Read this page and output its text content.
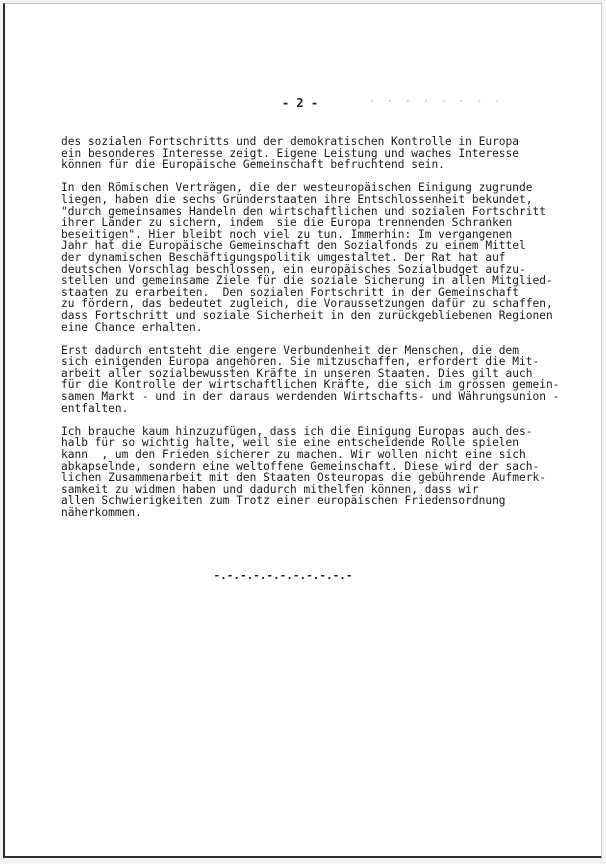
· · · · · · · ·
- 2 -
des sozialen Fortschritts und der demokratischen Kontrolle in Europa
ein besonderes Interesse zeigt. Eigene Leistung und waches Interesse
können für die Europäische Gemeinschaft befruchtend sein.
In den Römischen Verträgen, die der westeuropäischen Einigung zugrunde
liegen, haben die sechs Gründerstaaten ihre Entschlossenheit bekundet,
"durch gemeinsames Handeln den wirtschaftlichen und sozialen Fortschritt
ihrer Länder zu sichern, indem  sie die Europa trennenden Schranken
beseitigen". Hier bleibt noch viel zu tun. Immerhin: Im vergangenen
Jahr hat die Europäische Gemeinschaft den Sozialfonds zu einem Mittel
der dynamischen Beschäftigungspolitik umgestaltet. Der Rat hat auf
deutschen Vorschlag beschlossen, ein europäisches Sozialbudget aufzu-
stellen und gemeinsame Ziele für die soziale Sicherung in allen Mitglied-
staaten zu erarbeiten.  Den sozialen Fortschritt in der Gemeinschaft
zu fördern, das bedeutet zugleich, die Voraussetzungen dafür zu schaffen,
dass Fortschritt und soziale Sicherheit in den zurückgebliebenen Regionen
eine Chance erhalten.
Erst dadurch entsteht die engere Verbundenheit der Menschen, die dem
sich einigenden Europa angehören. Sie mitzuschaffen, erfordert die Mit-
arbeit aller sozialbewussten Kräfte in unseren Staaten. Dies gilt auch
für die Kontrolle der wirtschaftlichen Kräfte, die sich im grossen gemein-
samen Markt - und in der daraus werdenden Wirtschafts- und Währungsunion -
entfalten.
Ich brauche kaum hinzuzufügen, dass ich die Einigung Europas auch des-
halb für so wichtig halte, weil sie eine entscheidende Rolle spielen
kann  , um den Frieden sicherer zu machen. Wir wollen nicht eine sich
abkapselnde, sondern eine weltoffene Gemeinschaft. Diese wird der sach-
lichen Zusammenarbeit mit den Staaten Osteuropas die gebührende Aufmerk-
samkeit zu widmen haben und dadurch mithelfen können, dass wir
allen Schwierigkeiten zum Trotz einer europäischen Friedensordnung
näherkommen.
-.-.-.-.-.-.-.-.-.-.-
